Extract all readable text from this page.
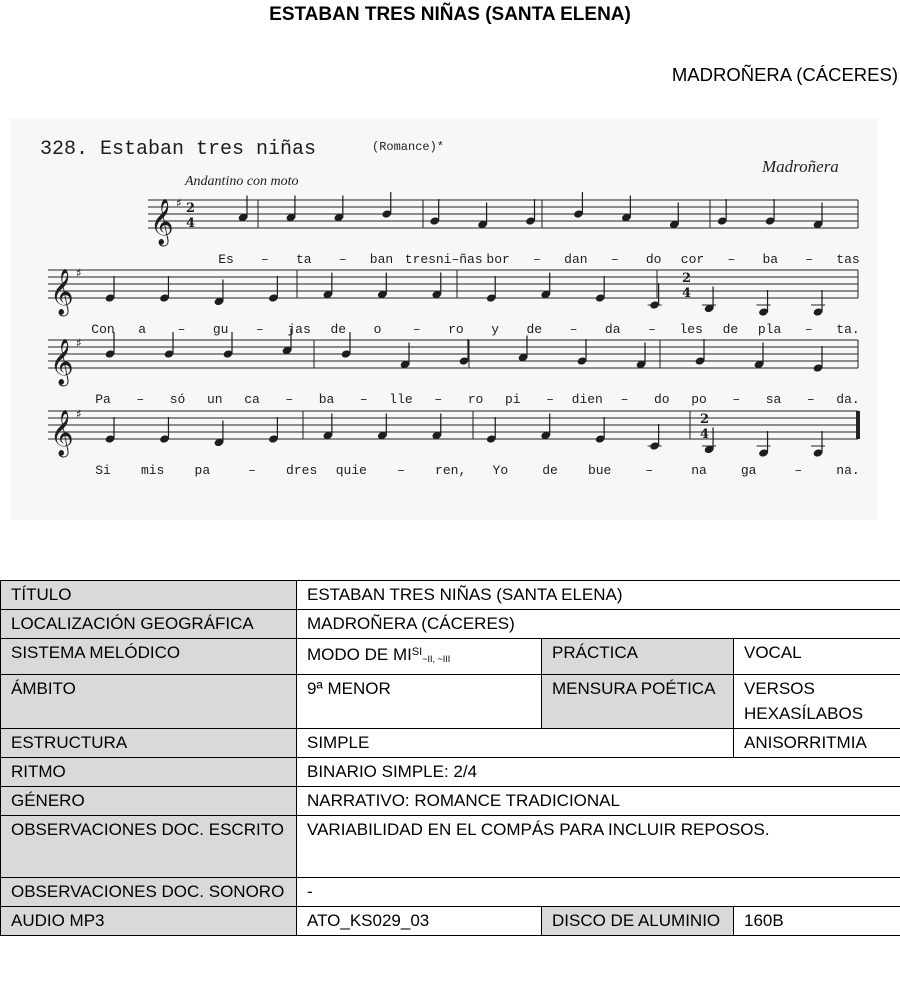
ESTABAN TRES NIÑAS (SANTA ELENA)
MADROÑERA (CÁCERES)
328. Estaban tres niñas	(Romance)*
Madroñera
Andantino con moto
𝄞 ♯ 2
4
Es – ta – ban tres ni–ñas bor – dan – do cor – ba – tas
𝄞 ♯	2
4
Con a – gu – jas de o – ro y de – da – les de pla – ta.
𝄞 ♯
Pa – só un ca – ba – lle – ro pi – dien – do po – sa – da.
𝄞 ♯	2
4
Si mis pa	– dres quie – ren, Yo	de bue	–	na	ga	–	na.
TÍTULO	ESTABAN TRES NIÑAS (SANTA ELENA)		
LOCALIZACIÓN GEOGRÁFICA	MADROÑERA (CÁCERES)		
SISTEMA MELÓDICO	MODO DE $MI^{SI}_{\sim II, \sim III}$	PRÁCTICA	VOCAL
ÁMBITO	9ª MENOR	MENSURA POÉTICA	VERSOS HEXASÍLABOS
ESTRUCTURA	SIMPLE		ANISORRITMIA
RITMO	BINARIO SIMPLE: 2/4		
GÉNERO	NARRATIVO: ROMANCE TRADICIONAL		
OBSERVACIONES DOC. ESCRITO	VARIABILIDAD EN EL COMPÁS PARA INCLUIR REPOSOS.		
OBSERVACIONES DOC. SONORO	-		
AUDIO MP3	ATO_KS029_03	DISCO DE ALUMINIO	160B
